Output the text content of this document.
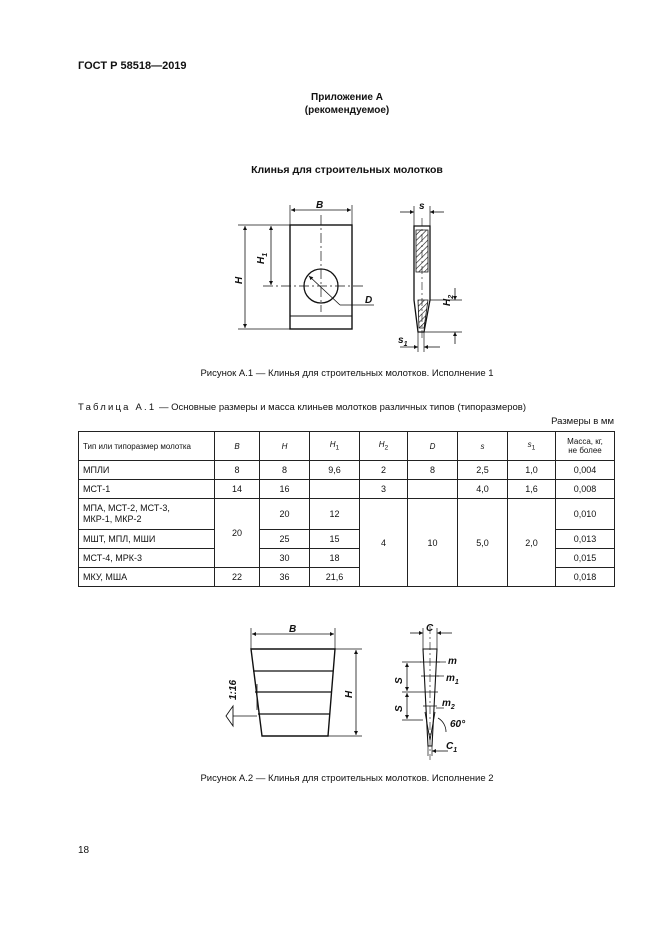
ГОСТ Р 58518—2019
Приложение А
(рекомендуемое)
Клинья для строительных молотков
B
H
$H_1$
D
s
$H_2$
$s_1$
Рисунок А.1 — Клинья для строительных молотков. Исполнение 1
Таблица А.1 — Основные размеры и масса клиньев молотков различных типов (типоразмеров)
Размеры в мм
Тип или типоразмер молотка	B	H	$H_1$	$H_2$	D	s	$s_1$	Масса, кг,
не более

МПЛИ	8	8	9,6	2	8	2,5	1,0	0,004
МСТ-1	14	16		3		4,0	1,6	0,008

МПА, МСТ-2, МСТ-3,
МКР-1, МКР-2	20	20	12	4	10	5,0	2,0	0,010
МШТ, МПЛ, МШИ		25	15					0,013
МСТ-4, МРК-3		30	18					0,015
МКУ, МША	22	36	21,6					0,018
B
H
1:16
C
m
$m_1$
$m_2$
S
S
60°
$C_1$
Рисунок А.2 — Клинья для строительных молотков. Исполнение 2
18
